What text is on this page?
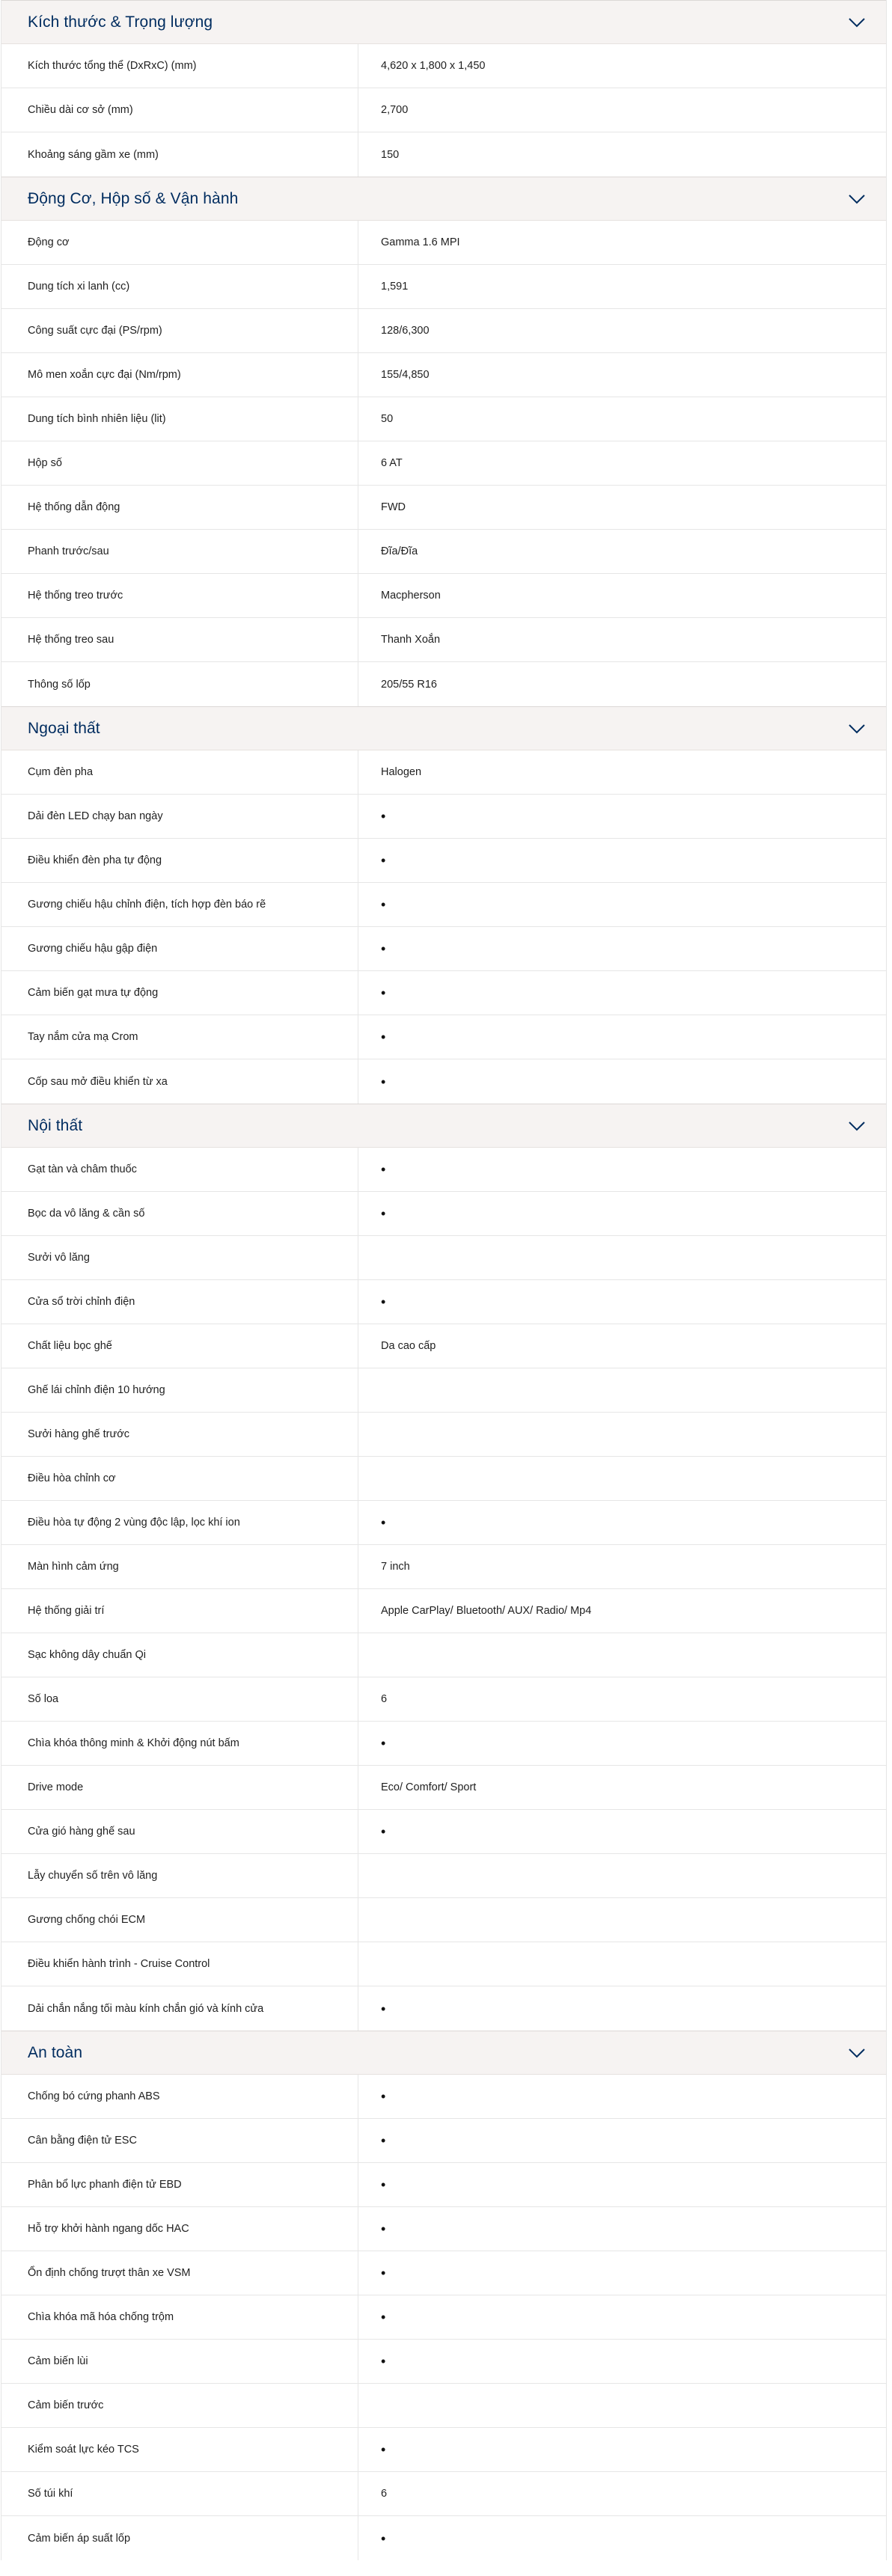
Kích thước & Trọng lượng
Kích thước tổng thể (DxRxC) (mm)	4,620 x 1,800 x 1,450
Chiều dài cơ sở (mm)	2,700
Khoảng sáng gầm xe (mm)	150
Động Cơ, Hộp số & Vận hành
Động cơ	Gamma 1.6 MPI
Dung tích xi lanh (cc)	1,591
Công suất cực đại (PS/rpm)	128/6,300
Mô men xoắn cực đại (Nm/rpm)	155/4,850
Dung tích bình nhiên liệu (lit)	50
Hộp số	6 AT
Hệ thống dẫn động	FWD
Phanh trước/sau	Đĩa/Đĩa
Hệ thống treo trước	Macpherson
Hệ thống treo sau	Thanh Xoắn
Thông số lốp	205/55 R16
Ngoại thất
Cụm đèn pha	Halogen
Dải đèn LED chạy ban ngày	•
Điều khiển đèn pha tự động	•
Gương chiếu hậu chỉnh điện, tích hợp đèn báo rẽ	•
Gương chiếu hậu gập điện	•
Cảm biến gạt mưa tự động	•
Tay nắm cửa mạ Crom	•
Cốp sau mở điều khiển từ xa	•
Nội thất
Gạt tàn và châm thuốc	•
Bọc da vô lăng & cần số	•
Sưởi vô lăng
Cửa sổ trời chỉnh điện	•
Chất liệu bọc ghế	Da cao cấp
Ghế lái chỉnh điện 10 hướng
Sưởi hàng ghế trước
Điều hòa chỉnh cơ
Điều hòa tự động 2 vùng độc lập, lọc khí ion	•
Màn hình cảm ứng	7 inch
Hệ thống giải trí	Apple CarPlay/ Bluetooth/ AUX/ Radio/ Mp4
Sạc không dây chuẩn Qi
Số loa	6
Chìa khóa thông minh & Khởi động nút bấm	•
Drive mode	Eco/ Comfort/ Sport
Cửa gió hàng ghế sau	•
Lẫy chuyển số trên vô lăng
Gương chống chói ECM
Điều khiển hành trình - Cruise Control
Dải chắn nắng tối màu kính chắn gió và kính cửa	•
An toàn
Chống bó cứng phanh ABS	•
Cân bằng điện tử ESC	•
Phân bổ lực phanh điện tử EBD	•
Hỗ trợ khởi hành ngang dốc HAC	•
Ổn định chống trượt thân xe VSM	•
Chìa khóa mã hóa chống trộm	•
Cảm biến lùi	•
Cảm biến trước
Kiểm soát lực kéo TCS	•
Số túi khí	6
Cảm biến áp suất lốp	•
